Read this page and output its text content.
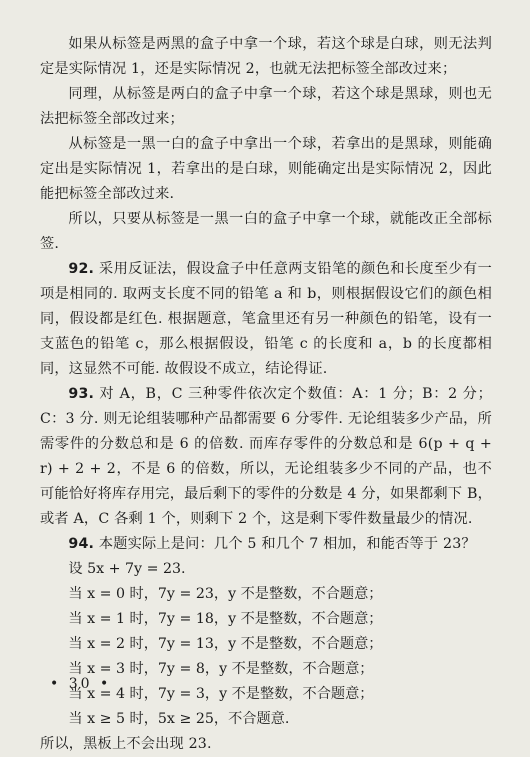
如果从标签是两黑的盒子中拿一个球，若这个球是白球，则无法判定是实际情况 1，还是实际情况 2，也就无法把标签全部改过来；

同理，从标签是两白的盒子中拿一个球，若这个球是黑球，则也无法把标签全部改过来；

从标签是一黑一白的盒子中拿出一个球，若拿出的是黑球，则能确定出是实际情况 1，若拿出的是白球，则能确定出是实际情况 2，因此能把标签全部改过来.

所以，只要从标签是一黑一白的盒子中拿一个球，就能改正全部标签.

92. 采用反证法，假设盒子中任意两支铅笔的颜色和长度至少有一项是相同的. 取两支长度不同的铅笔 a 和 b，则根据假设它们的颜色相同，假设都是红色. 根据题意，笔盒里还有另一种颜色的铅笔，设有一支蓝色的铅笔 c，那么根据假设，铅笔 c 的长度和 a，b 的长度都相同，这显然不可能. 故假设不成立，结论得证.

93. 对 A，B，C 三种零件依次定个数值：A：1 分；B：2 分；C：3 分. 则无论组装哪种产品都需要 6 分零件. 无论组装多少产品，所需零件的分数总和是 6 的倍数. 而库存零件的分数总和是 6(p + q + r) + 2 + 2，不是 6 的倍数，所以，无论组装多少不同的产品，也不可能恰好将库存用完，最后剩下的零件的分数是 4 分，如果都剩下 B，或者 A，C 各剩 1 个，则剩下 2 个，这是剩下零件数量最少的情况.

94. 本题实际上是问：几个 5 和几个 7 相加，和能否等于 23？

设 5x + 7y = 23.

当 x = 0 时，7y = 23，y 不是整数，不合题意；

当 x = 1 时，7y = 18，y 不是整数，不合题意；

当 x = 2 时，7y = 13，y 不是整数，不合题意；

当 x = 3 时，7y = 8，y 不是整数，不合题意；

当 x = 4 时，7y = 3，y 不是整数，不合题意；

当 x ≥ 5 时，5x ≥ 25，不合题意.

所以，黑板上不会出现 23.

• 30 •
